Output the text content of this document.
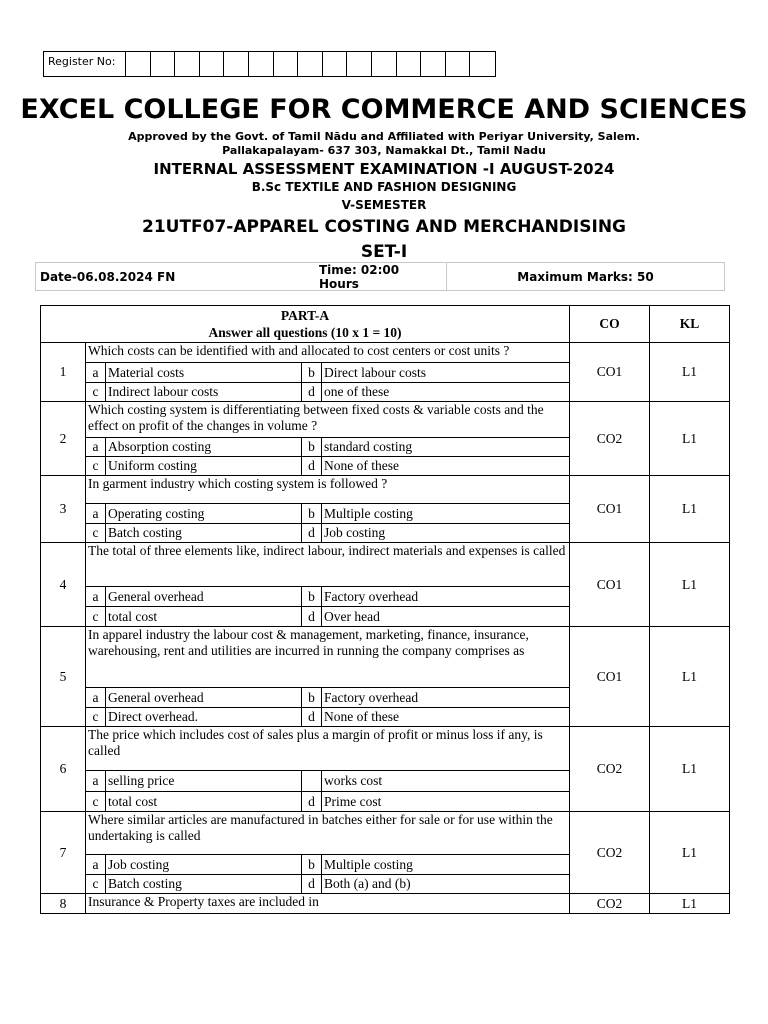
Register No:
EXCEL COLLEGE FOR COMMERCE AND SCIENCES
Approved by the Govt. of Tamil Nādu and Affiliated with Periyar University, Salem.
Pallakapalayam- 637 303, Namakkal Dt., Tamil Nadu
INTERNAL ASSESSMENT EXAMINATION -I AUGUST-2024
B.Sc TEXTILE AND FASHION DESIGNING
V-SEMESTER
21UTF07-APPAREL COSTING AND MERCHANDISING
SET-I
Date-06.08.2024 FN	Time: 02:00 Hours	Maximum Marks: 50
PART-A
Answer all questions (10 x 1 = 10)					CO	KL
1	Which costs can be identified with and allocated to cost centers or cost units ?				CO1	L1
	a	Material costs	b	Direct labour costs		
	c	Indirect labour costs	d	one of these		
2	Which costing system is differentiating between fixed costs & variable costs and the effect on profit of the changes in volume ?				CO2	L1
	a	Absorption costing	b	standard costing		
	c	Uniform costing	d	None of these		
3	In garment industry which costing system is followed ?				CO1	L1
	a	Operating costing	b	Multiple costing		
	c	Batch costing	d	Job costing		
4	The total of three elements like, indirect labour, indirect materials and expenses is called				CO1	L1
	a	General overhead	b	Factory overhead		
	c	total cost	d	Over head		
5	In apparel industry the labour cost & management, marketing, finance, insurance, warehousing, rent and utilities are incurred in running the company comprises as				CO1	L1
	a	General overhead	b	Factory overhead		
	c	Direct overhead.	d	None of these		
6	The price which includes cost of sales plus a margin of profit or minus loss if any, is called				CO2	L1
	a	selling price		works cost		
	c	total cost	d	Prime cost		
7	Where similar articles are manufactured in batches either for sale or for use within the undertaking is called				CO2	L1
	a	Job costing	b	Multiple costing		
	c	Batch costing	d	Both (a) and (b)		
8	Insurance & Property taxes are included in				CO2	L1
